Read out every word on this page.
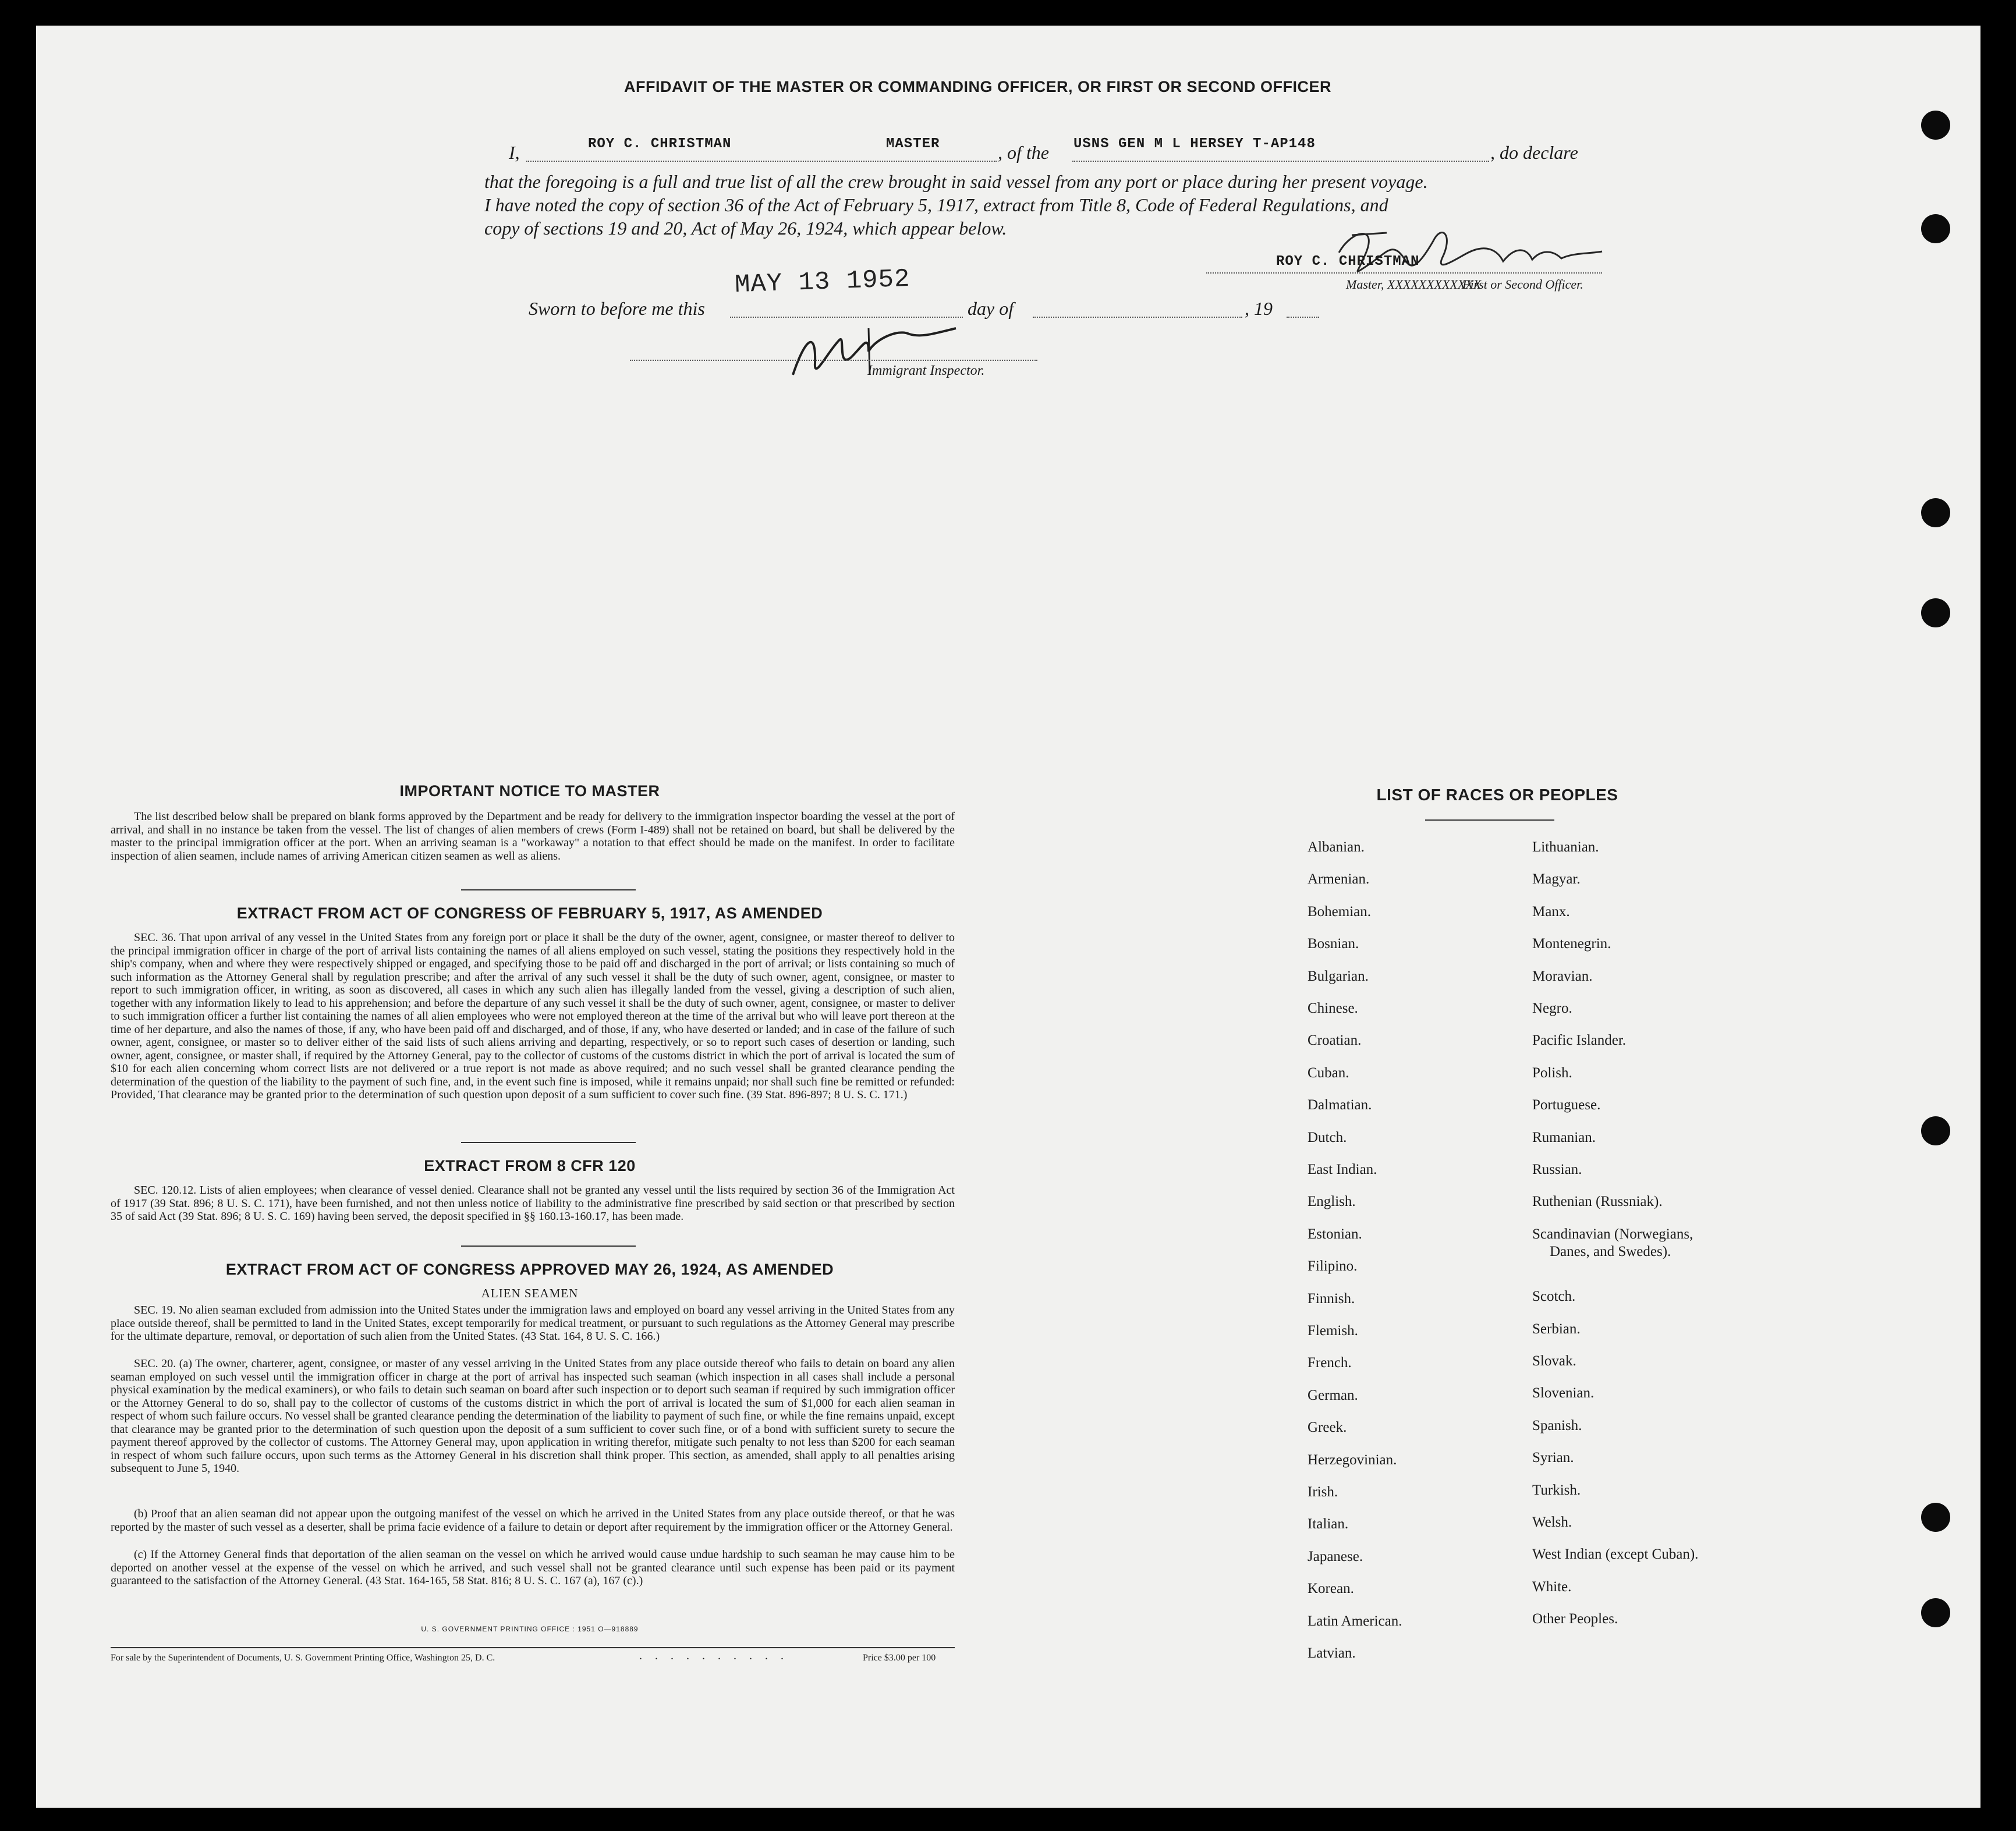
AFFIDAVIT OF THE MASTER OR COMMANDING OFFICER, OR FIRST OR SECOND OFFICER
I,	ROY C. CHRISTMAN	MASTER	, of the USNS GEN M L HERSEY T-AP148	, do declare
that the foregoing is a full and true list of all the crew brought in said vessel from any port or place during her present voyage.
I have noted the copy of section 36 of the Act of February 5, 1917, extract from Title 8, Code of Federal Regulations, and
copy of sections 19 and 20, Act of May 26, 1924, which appear below.
ROY C. CHRISTMAN
Master, XXXXXXXXXXXX
First or Second Officer.
MAY 13 1952
Sworn to before me this	day of	, 19
Immigrant Inspector.
IMPORTANT NOTICE TO MASTER
The list described below shall be prepared on blank forms approved by the Department and be ready for delivery to the immigration inspector boarding the vessel at the port of arrival, and shall in no instance be taken from the vessel. The list of changes of alien members of crews (Form I-489) shall not be retained on board, but shall be delivered by the master to the principal immigration officer at the port. When an arriving seaman is a "workaway" a notation to that effect should be made on the manifest. In order to facilitate inspection of alien seamen, include names of arriving American citizen seamen as well as aliens.
EXTRACT FROM ACT OF CONGRESS OF FEBRUARY 5, 1917, AS AMENDED
SEC. 36. That upon arrival of any vessel in the United States from any foreign port or place it shall be the duty of the owner, agent, consignee, or master thereof to deliver to the principal immigration officer in charge of the port of arrival lists containing the names of all aliens employed on such vessel, stating the positions they respectively hold in the ship's company, when and where they were respectively shipped or engaged, and specifying those to be paid off and discharged in the port of arrival; or lists containing so much of such information as the Attorney General shall by regulation prescribe; and after the arrival of any such vessel it shall be the duty of such owner, agent, consignee, or master to report to such immigration officer, in writing, as soon as discovered, all cases in which any such alien has illegally landed from the vessel, giving a description of such alien, together with any information likely to lead to his apprehension; and before the departure of any such vessel it shall be the duty of such owner, agent, consignee, or master to deliver to such immigration officer a further list containing the names of all alien employees who were not employed thereon at the time of the arrival but who will leave port thereon at the time of her departure, and also the names of those, if any, who have been paid off and discharged, and of those, if any, who have deserted or landed; and in case of the failure of such owner, agent, consignee, or master so to deliver either of the said lists of such aliens arriving and departing, respectively, or so to report such cases of desertion or landing, such owner, agent, consignee, or master shall, if required by the Attorney General, pay to the collector of customs of the customs district in which the port of arrival is located the sum of $10 for each alien concerning whom correct lists are not delivered or a true report is not made as above required; and no such vessel shall be granted clearance pending the determination of the question of the liability to the payment of such fine, and, in the event such fine is imposed, while it remains unpaid; nor shall such fine be remitted or refunded: Provided, That clearance may be granted prior to the determination of such question upon deposit of a sum sufficient to cover such fine. (39 Stat. 896-897; 8 U. S. C. 171.)
EXTRACT FROM 8 CFR 120
SEC. 120.12. Lists of alien employees; when clearance of vessel denied. Clearance shall not be granted any vessel until the lists required by section 36 of the Immigration Act of 1917 (39 Stat. 896; 8 U. S. C. 171), have been furnished, and not then unless notice of liability to the administrative fine prescribed by said section or that prescribed by section 35 of said Act (39 Stat. 896; 8 U. S. C. 169) having been served, the deposit specified in §§ 160.13-160.17, has been made.
EXTRACT FROM ACT OF CONGRESS APPROVED MAY 26, 1924, AS AMENDED
ALIEN SEAMEN
SEC. 19. No alien seaman excluded from admission into the United States under the immigration laws and employed on board any vessel arriving in the United States from any place outside thereof, shall be permitted to land in the United States, except temporarily for medical treatment, or pursuant to such regulations as the Attorney General may prescribe for the ultimate departure, removal, or deportation of such alien from the United States. (43 Stat. 164, 8 U. S. C. 166.)
SEC. 20. (a) The owner, charterer, agent, consignee, or master of any vessel arriving in the United States from any place outside thereof who fails to detain on board any alien seaman employed on such vessel until the immigration officer in charge at the port of arrival has inspected such seaman (which inspection in all cases shall include a personal physical examination by the medical examiners), or who fails to detain such seaman on board after such inspection or to deport such seaman if required by such immigration officer or the Attorney General to do so, shall pay to the collector of customs of the customs district in which the port of arrival is located the sum of $1,000 for each alien seaman in respect of whom such failure occurs. No vessel shall be granted clearance pending the determination of the liability to payment of such fine, or while the fine remains unpaid, except that clearance may be granted prior to the determination of such question upon the deposit of a sum sufficient to cover such fine, or of a bond with sufficient surety to secure the payment thereof approved by the collector of customs. The Attorney General may, upon application in writing therefor, mitigate such penalty to not less than $200 for each seaman in respect of whom such failure occurs, upon such terms as the Attorney General in his discretion shall think proper. This section, as amended, shall apply to all penalties arising subsequent to June 5, 1940.
(b) Proof that an alien seaman did not appear upon the outgoing manifest of the vessel on which he arrived in the United States from any place outside thereof, or that he was reported by the master of such vessel as a deserter, shall be prima facie evidence of a failure to detain or deport after requirement by the immigration officer or the Attorney General.
(c) If the Attorney General finds that deportation of the alien seaman on the vessel on which he arrived would cause undue hardship to such seaman he may cause him to be deported on another vessel at the expense of the vessel on which he arrived, and such vessel shall not be granted clearance until such expense has been paid or its payment guaranteed to the satisfaction of the Attorney General. (43 Stat. 164-165, 58 Stat. 816; 8 U. S. C. 167 (a), 167 (c).)
U. S. GOVERNMENT PRINTING OFFICE : 1951 O—918889
For sale by the Superintendent of Documents, U. S. Government Printing Office, Washington 25, D. C.	..........	Price $3.00 per 100
LIST OF RACES OR PEOPLES
Albanian.
Armenian.
Bohemian.
Bosnian.
Bulgarian.
Chinese.
Croatian.
Cuban.
Dalmatian.
Dutch.
East Indian.
English.
Estonian.
Filipino.
Finnish.
Flemish.
French.
German.
Greek.
Herzegovinian.
Irish.
Italian.
Japanese.
Korean.
Latin American.
Latvian.
Lithuanian.
Magyar.
Manx.
Montenegrin.
Moravian.
Negro.
Pacific Islander.
Polish.
Portuguese.
Rumanian.
Russian.
Ruthenian (Russniak).
Scandinavian (Norwegians,
Danes, and Swedes).
Scotch.
Serbian.
Slovak.
Slovenian.
Spanish.
Syrian.
Turkish.
Welsh.
West Indian (except Cuban).
White.
Other Peoples.
